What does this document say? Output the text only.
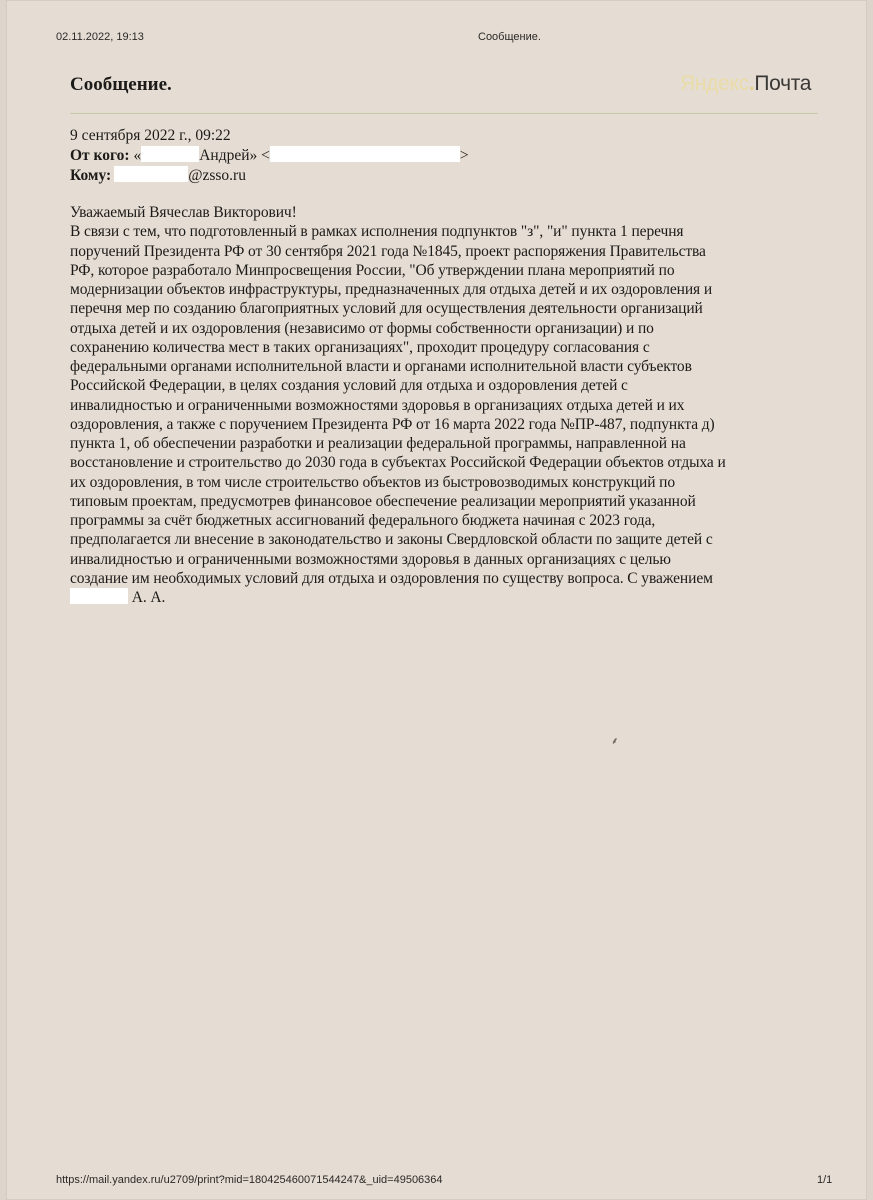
02.11.2022, 19:13	Сообщение.
Сообщение.	Яндекс.Почта
9 сентября 2022 г., 09:22
От кого: «	Андрей» <	>
Кому:	@zsso.ru
Уважаемый Вячеслав Викторович!
В связи с тем, что подготовленный в рамках исполнения подпунктов "з", "и" пункта 1 перечня
поручений Президента РФ от 30 сентября 2021 года №1845, проект распоряжения Правительства
РФ, которое разработало Минпросвещения России, "Об утверждении плана мероприятий по
модернизации объектов инфраструктуры, предназначенных для отдыха детей и их оздоровления и
перечня мер по созданию благоприятных условий для осуществления деятельности организаций
отдыха детей и их оздоровления (независимо от формы собственности организации) и по
сохранению количества мест в таких организациях", проходит процедуру согласования с
федеральными органами исполнительной власти и органами исполнительной власти субъектов
Российской Федерации, в целях создания условий для отдыха и оздоровления детей с
инвалидностью и ограниченными возможностями здоровья в организациях отдыха детей и их
оздоровления, а также с поручением Президента РФ от 16 марта 2022 года №ПР-487, подпункта д)
пункта 1, об обеспечении разработки и реализации федеральной программы, направленной на
восстановление и строительство до 2030 года в субъектах Российской Федерации объектов отдыха и
их оздоровления, в том числе строительство объектов из быстровозводимых конструкций по
типовым проектам, предусмотрев финансовое обеспечение реализации мероприятий указанной
программы за счёт бюджетных ассигнований федерального бюджета начиная с 2023 года,
предполагается ли внесение в законодательство и законы Свердловской области по защите детей с
инвалидностью и ограниченными возможностями здоровья в данных организациях с целью
создание им необходимых условий для отдыха и оздоровления по существу вопроса. С уважением
А. А.
⸙
https://mail.yandex.ru/u2709/print?mid=180425460071544247&_uid=49506364	1/1
